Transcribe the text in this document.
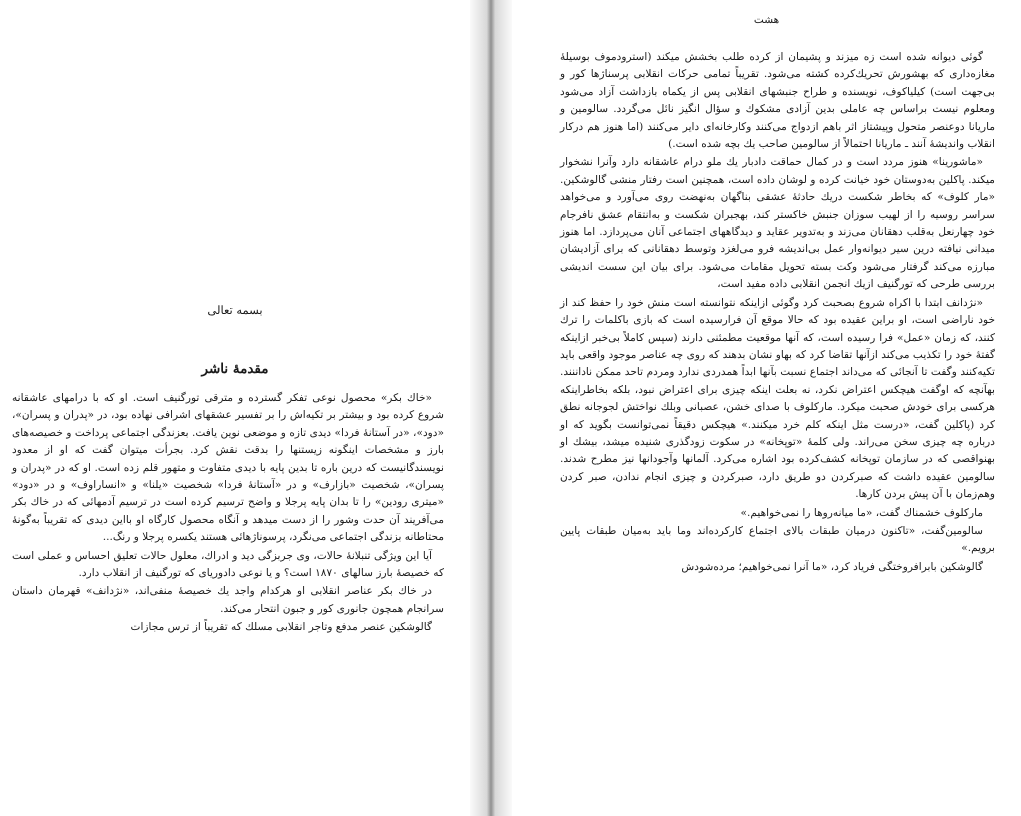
بسمه تعالی
مقدمهٔ ناشر

«خاك بكر» محصول نوعی تفكر گسترده و مترقی تورگنیف است. او كه با درامهای عاشقانه شروع كرده بود و بیشتر بر تكیه‌اش را بر تفسیر عشقهای اشرافی نهاده بود، در «پدران و پسران»، «دود»، «در آستانهٔ فردا» دیدی تازه و موضعی نوین یافت. بعزندگی اجتماعی پرداخت و خصیصه‌های بارز و مشخصات اینگونه زیستنها را بدقت نقش كرد. بجرأت میتوان گفت كه او از معدود نویسندگانیست كه درین باره تا بدین پایه با دیدی متفاوت و متهور قلم زده است. او كه در «پدران و پسران»، شخصیت «بازارف» و در «آستانهٔ فردا» شخصیت «یلنا» و «انساراوف» و در «دود» «میتری رودین» را تا بدان پایه پرجلا و واضح ترسیم كرده است در ترسیم آدمهائی كه در خاك بكر می‌آفریند آن حدت وشور را از دست میدهد و آنگاه محصول كارگاه او بااین دیدی كه تقریباً به‌گونهٔ محتاطانه بزندگی اجتماعی می‌نگرد، پرسوناژهائی هستند یكسره پرجلا و رنگ...

آیا این ویژگی تنبلانهٔ حالات، وی جربزگی دید و ادراك، معلول حالات تعلیق احساس و عملی است كه خصیصهٔ بارز سالهای ۱۸۷۰ است؟ و یا نوعی دادوریای كه تورگنیف از انقلاب دارد.

در خاك بكر عناصر انقلابی او هركدام واجد یك خصیصهٔ منفی‌اند، «نژدانف» قهرمان داستان سرانجام همچون جانوری كور و جبون انتحار می‌كند.

گالوشكین عنصر مدفع وتاجر انقلابی مسلك كه تقریباً از ترس مجازات

هشت

گوئی دیوانه شده است زه میزند و پشیمان از كرده طلب بخشش میكند (استرودموف بوسیلهٔ مغازه‌داری كه بهشورش تحریك‌كرده كشته می‌شود. تقریباً تمامی حركات انقلابی پرسناژها كور و بی‌جهت است) كیلیاكوف، نویسنده و طراح جنبشهای انقلابی پس از یكماه بازداشت آزاد می‌شود ومعلوم نیست براساس چه عاملی بدین آزادی مشكوك و سؤال انگیز نائل می‌گردد. سالومین و ماریانا دوعنصر متحول وپیشتاز اثر باهم ازدواج می‌كنند وكارخانه‌ای دایر می‌كنند (اما هنوز هم دركار انقلاب واندیشهٔ آنند ـ ماریانا احتمالاً از سالومین صاحب یك بچه شده است.)

«ماشورینا» هنوز مردد است و در كمال حماقت دادبار یك ملو درام عاشقانه دارد وآنرا نشخوار میكند. پاكلین به‌دوستان خود خیانت كرده و لوشان داده است، همچنین است رفتار منشی گالوشكین. «مار كلوف» كه بخاطر شكست دریك حادثهٔ عشقی بناگهان به‌نهضت روی می‌آورد و می‌خواهد سراسر روسیه را از لهیب سوزان جنبش خاكستر كند، بهجبران شكست و به‌انتقام عشق نافرجام خود چهارنعل به‌قلب دهقانان می‌زند و به‌تدویر عقاید و دیدگاههای اجتماعی آنان می‌پردازد. اما هنوز میدانی نیافته درین سیر دیوانه‌وار عمل بی‌اندیشه فرو می‌لغزد وتوسط دهقانانی كه برای آزادیشان مبارزه می‌كند گرفتار می‌شود وكت بسته تحویل مقامات می‌شود. برای بیان این سست اندیشی بررسی طرحی كه تورگنیف ازیك انجمن انقلابی داده مفید است،

«نژدانف ابتدا با اكراه شروع بصحبت كرد وگوئی ازاینكه نتوانسته است منش خود را حفظ كند از خود ناراضی است، او براین عقیده بود كه حالا موقع آن فرارسیده است كه بازی باكلمات را ترك كنند، كه زمان «عمل» فرا رسیده است، كه آنها موقعیت مطمئنی دارند (سپس كاملاً بی‌خبر ازاینكه گفتهٔ خود را تكذیب می‌كند ازآنها تقاضا كرد كه بهاو نشان بدهند كه روی چه عناصر موجود واقعی باید تكیه‌كنند وگفت تا آنجائی كه می‌داند اجتماع نسبت بآنها ابداً همدردی ندارد ومردم تاحد ممكن ناداننند. بهآنچه كه اوگفت هیچكس اعتراض نكرد، نه بعلت اینكه چیزی برای اعتراض نبود، بلكه بخاطراینكه هركسی برای خودش صحبت میكرد. ماركلوف با صدای خشن، عصبانی وبلك نواختش لجوجانه نطق كرد (پاكلین گفت، «درست مثل اینكه كلم خرد میكنند.» هیچكس دقیقاً نمی‌توانست بگوید كه او درباره چه چیزی سخن می‌راند. ولی كلمهٔ «توپخانه» در سكوت زودگذری شنیده میشد، بیشك او بهنواقصی كه در سازمان توپخانه كشف‌كرده بود اشاره می‌كرد. آلمانها وآجودانها نیز مطرح شدند. سالومین عقیده داشت كه صبركردن دو طریق دارد، صبركردن و چیزی انجام ندادن، صبر كردن وهم‌زمان با آن پیش بردن كارها.

ماركلوف خشمناك گفت، «ما میانه‌روها را نمی‌خواهیم.»

سالومین‌گفت، «تاكنون درمیان طبقات بالای اجتماع كاركرده‌اند وما باید به‌میان طبقات پایین برویم.»

گالوشكین بابرافروختگی فریاد كرد، «ما آنرا نمی‌خواهیم؛ مرده‌شودش
